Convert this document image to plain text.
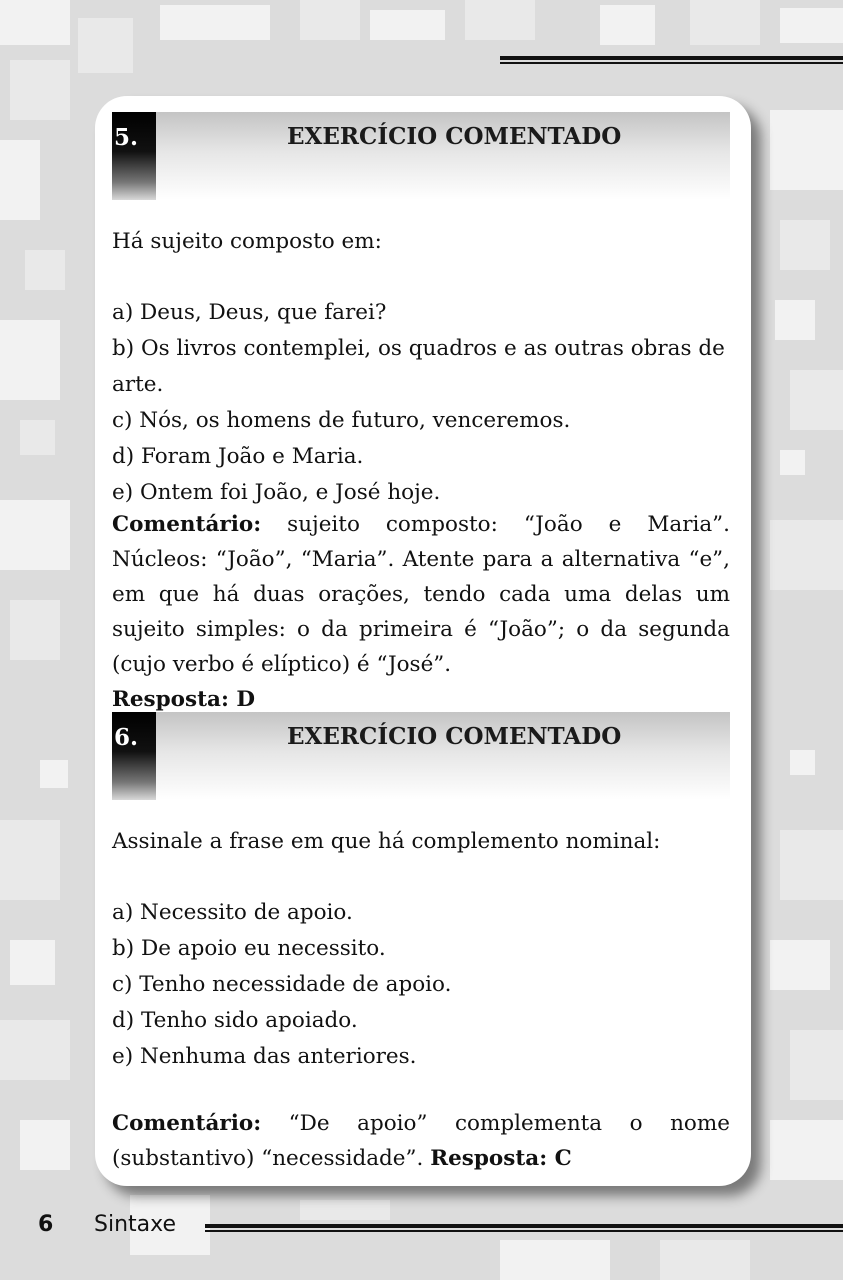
5.	EXERCÍCIO COMENTADO
Há sujeito composto em:
a) Deus, Deus, que farei?
b) Os livros contemplei, os quadros e as outras obras de arte.
c) Nós, os homens de futuro, venceremos.
d) Foram João e Maria.
e) Ontem foi João, e José hoje.
Comentário: sujeito composto: “João e Maria”. Núcleos: “João”, “Maria”. Atente para a alternativa “e”, em que há duas orações, tendo cada uma delas um sujeito simples: o da primeira é “João”; o da segunda (cujo verbo é elíptico) é “José”.
Resposta: D
6.	EXERCÍCIO COMENTADO
Assinale a frase em que há complemento nominal:
a) Necessito de apoio.
b) De apoio eu necessito.
c) Tenho necessidade de apoio.
d) Tenho sido apoiado.
e) Nenhuma das anteriores.
Comentário: “De apoio” complementa o nome (substantivo) “necessidade”. Resposta: C
6 Sintaxe
